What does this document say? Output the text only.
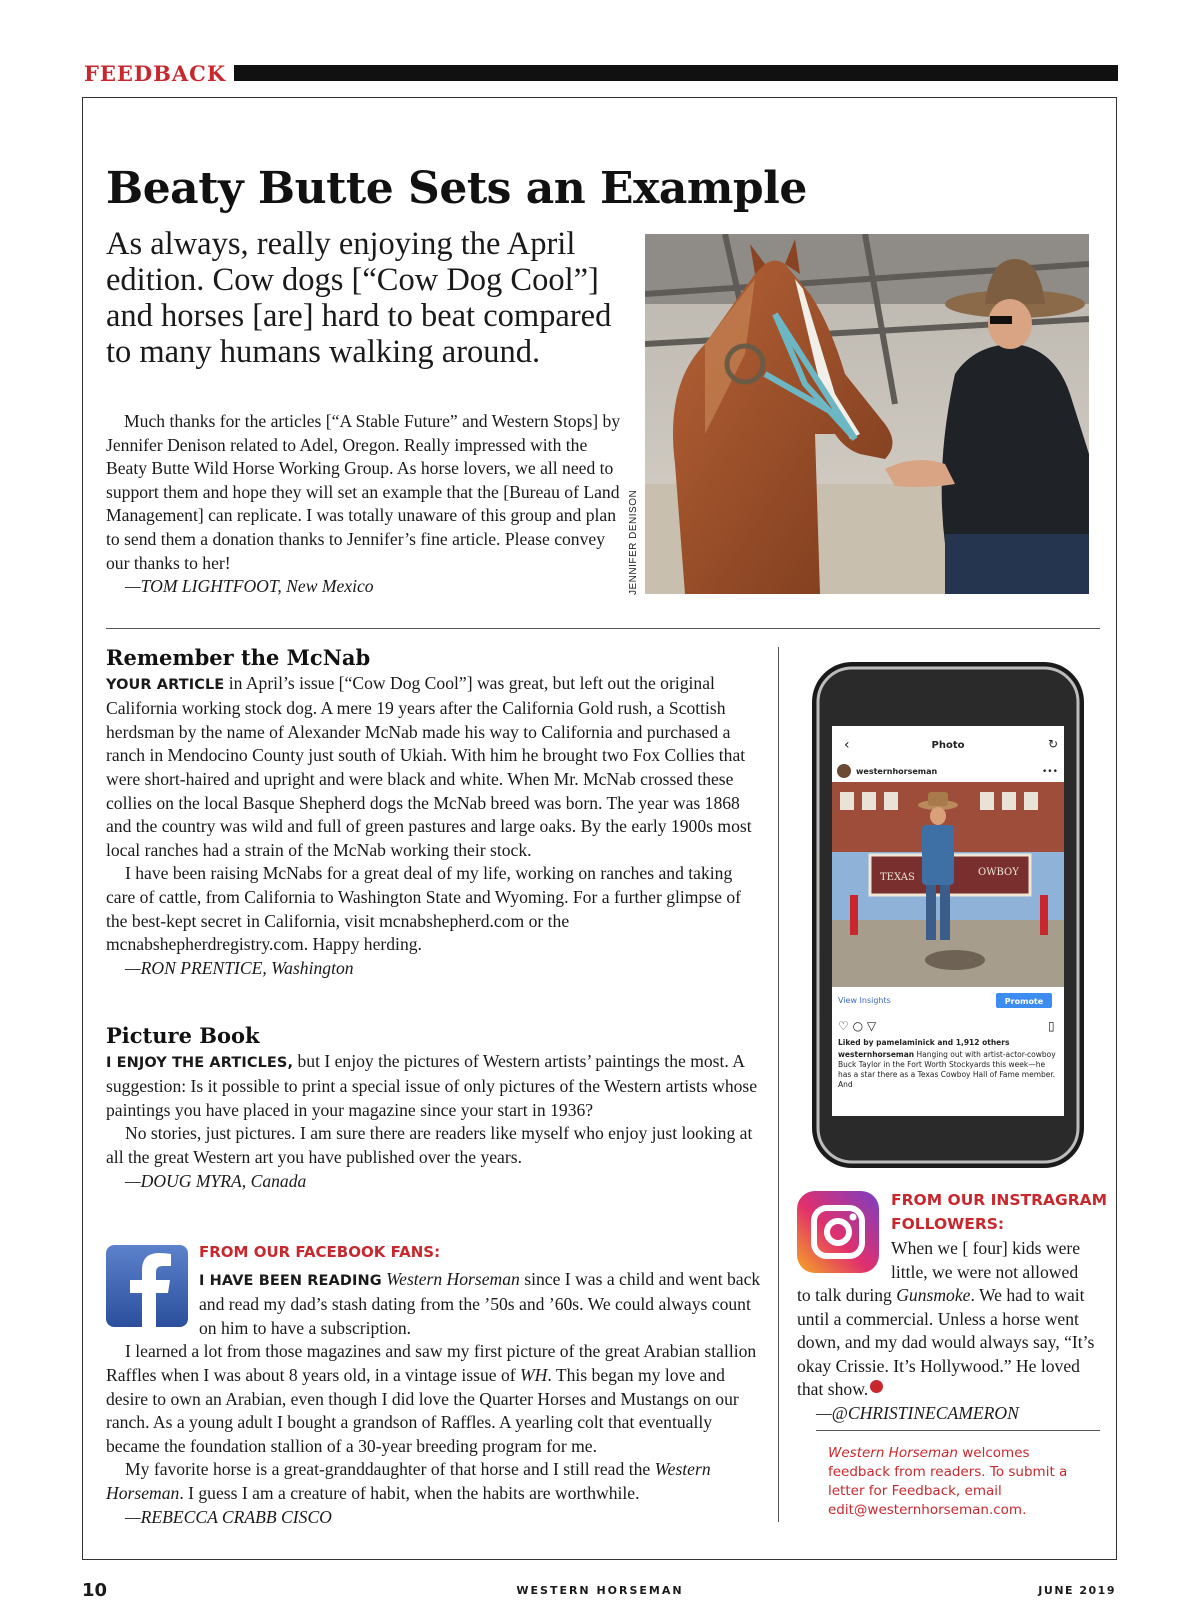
FEEDBACK
Beaty Butte Sets an Example
As always, really enjoying the April edition. Cow dogs [“Cow Dog Cool”] and horses [are] hard to beat compared to many humans walking around.

Much thanks for the articles [“A Stable Future” and Western Stops] by Jennifer Denison related to Adel, Oregon. Really impressed with the Beaty Butte Wild Horse Working Group. As horse lovers, we all need to support them and hope they will set an example that the [Bureau of Land Management] can replicate. I was totally unaware of this group and plan to send them a donation thanks to Jennifer’s fine article. Please convey our thanks to her!

—TOM LIGHTFOOT, New Mexico	JENNIFER DENISON
Remember the McNab

YOUR ARTICLE in April’s issue [“Cow Dog Cool”] was great, but left out the original California working stock dog. A mere 19 years after the California Gold rush, a Scottish herdsman by the name of Alexander McNab made his way to California and purchased a ranch in Mendocino County just south of Ukiah. With him he brought two Fox Collies that were short-haired and upright and were black and white. When Mr. McNab crossed these collies on the local Basque Shepherd dogs the McNab breed was born. The year was 1868 and the country was wild and full of green pastures and large oaks. By the early 1900s most local ranches had a strain of the McNab working their stock.

I have been raising McNabs for a great deal of my life, working on ranches and taking care of cattle, from California to Washington State and Wyoming. For a further glimpse of the best-kept secret in California, visit mcnabshepherd.com or the mcnabshepherdregistry.com. Happy herding.

—RON PRENTICE, Washington
Picture Book

I ENJOY THE ARTICLES, but I enjoy the pictures of Western artists’ paintings the most. A suggestion: Is it possible to print a special issue of only pictures of the Western artists whose paintings you have placed in your magazine since your start in 1936?

No stories, just pictures. I am sure there are readers like myself who enjoy just looking at all the great Western art you have published over the years.

—DOUG MYRA, Canada
FROM OUR FACEBOOK FANS:

I HAVE BEEN READING Western Horseman since I was a child and went back and read my dad’s stash dating from the ’50s and ’60s. We could always count on him to have a subscription.

I learned a lot from those magazines and saw my first picture of the great Arabian stallion Raffles when I was about 8 years old, in a vintage issue of WH. This began my love and desire to own an Arabian, even though I did love the Quarter Horses and Mustangs on our ranch. As a young adult I bought a grandson of Raffles. A yearling colt that eventually became the foundation stallion of a 30-year breeding program for me.

My favorite horse is a great-granddaughter of that horse and I still read the Western Horseman. I guess I am a creature of habit, when the habits are worthwhile.

—REBECCA CRABB CISCO
‹	Photo	↻
westernhorseman	•••
TEXAS	OWBOY
View Insights	Promote
♡ ○ ▽	▯
Liked by pamelaminick and 1,912 others
westernhorseman Hanging out with artist-actor-cowboy Buck Taylor in the Fort Worth Stockyards this week—he has a star there as a Texas Cowboy Hall of Fame member. And
FROM OUR INSTRAGRAM FOLLOWERS:
When we [ four] kids were little, we were not allowed
to talk during Gunsmoke. We had to wait until a commercial. Unless a horse went down, and my dad would always say, “It’s okay Crissie. It’s Hollywood.” He loved that show.
—@CHRISTINECAMERON
Western Horseman welcomes feedback from readers. To submit a letter for Feedback, email edit@westernhorseman.com.
10	WESTERN HORSEMAN	JUNE 2019
